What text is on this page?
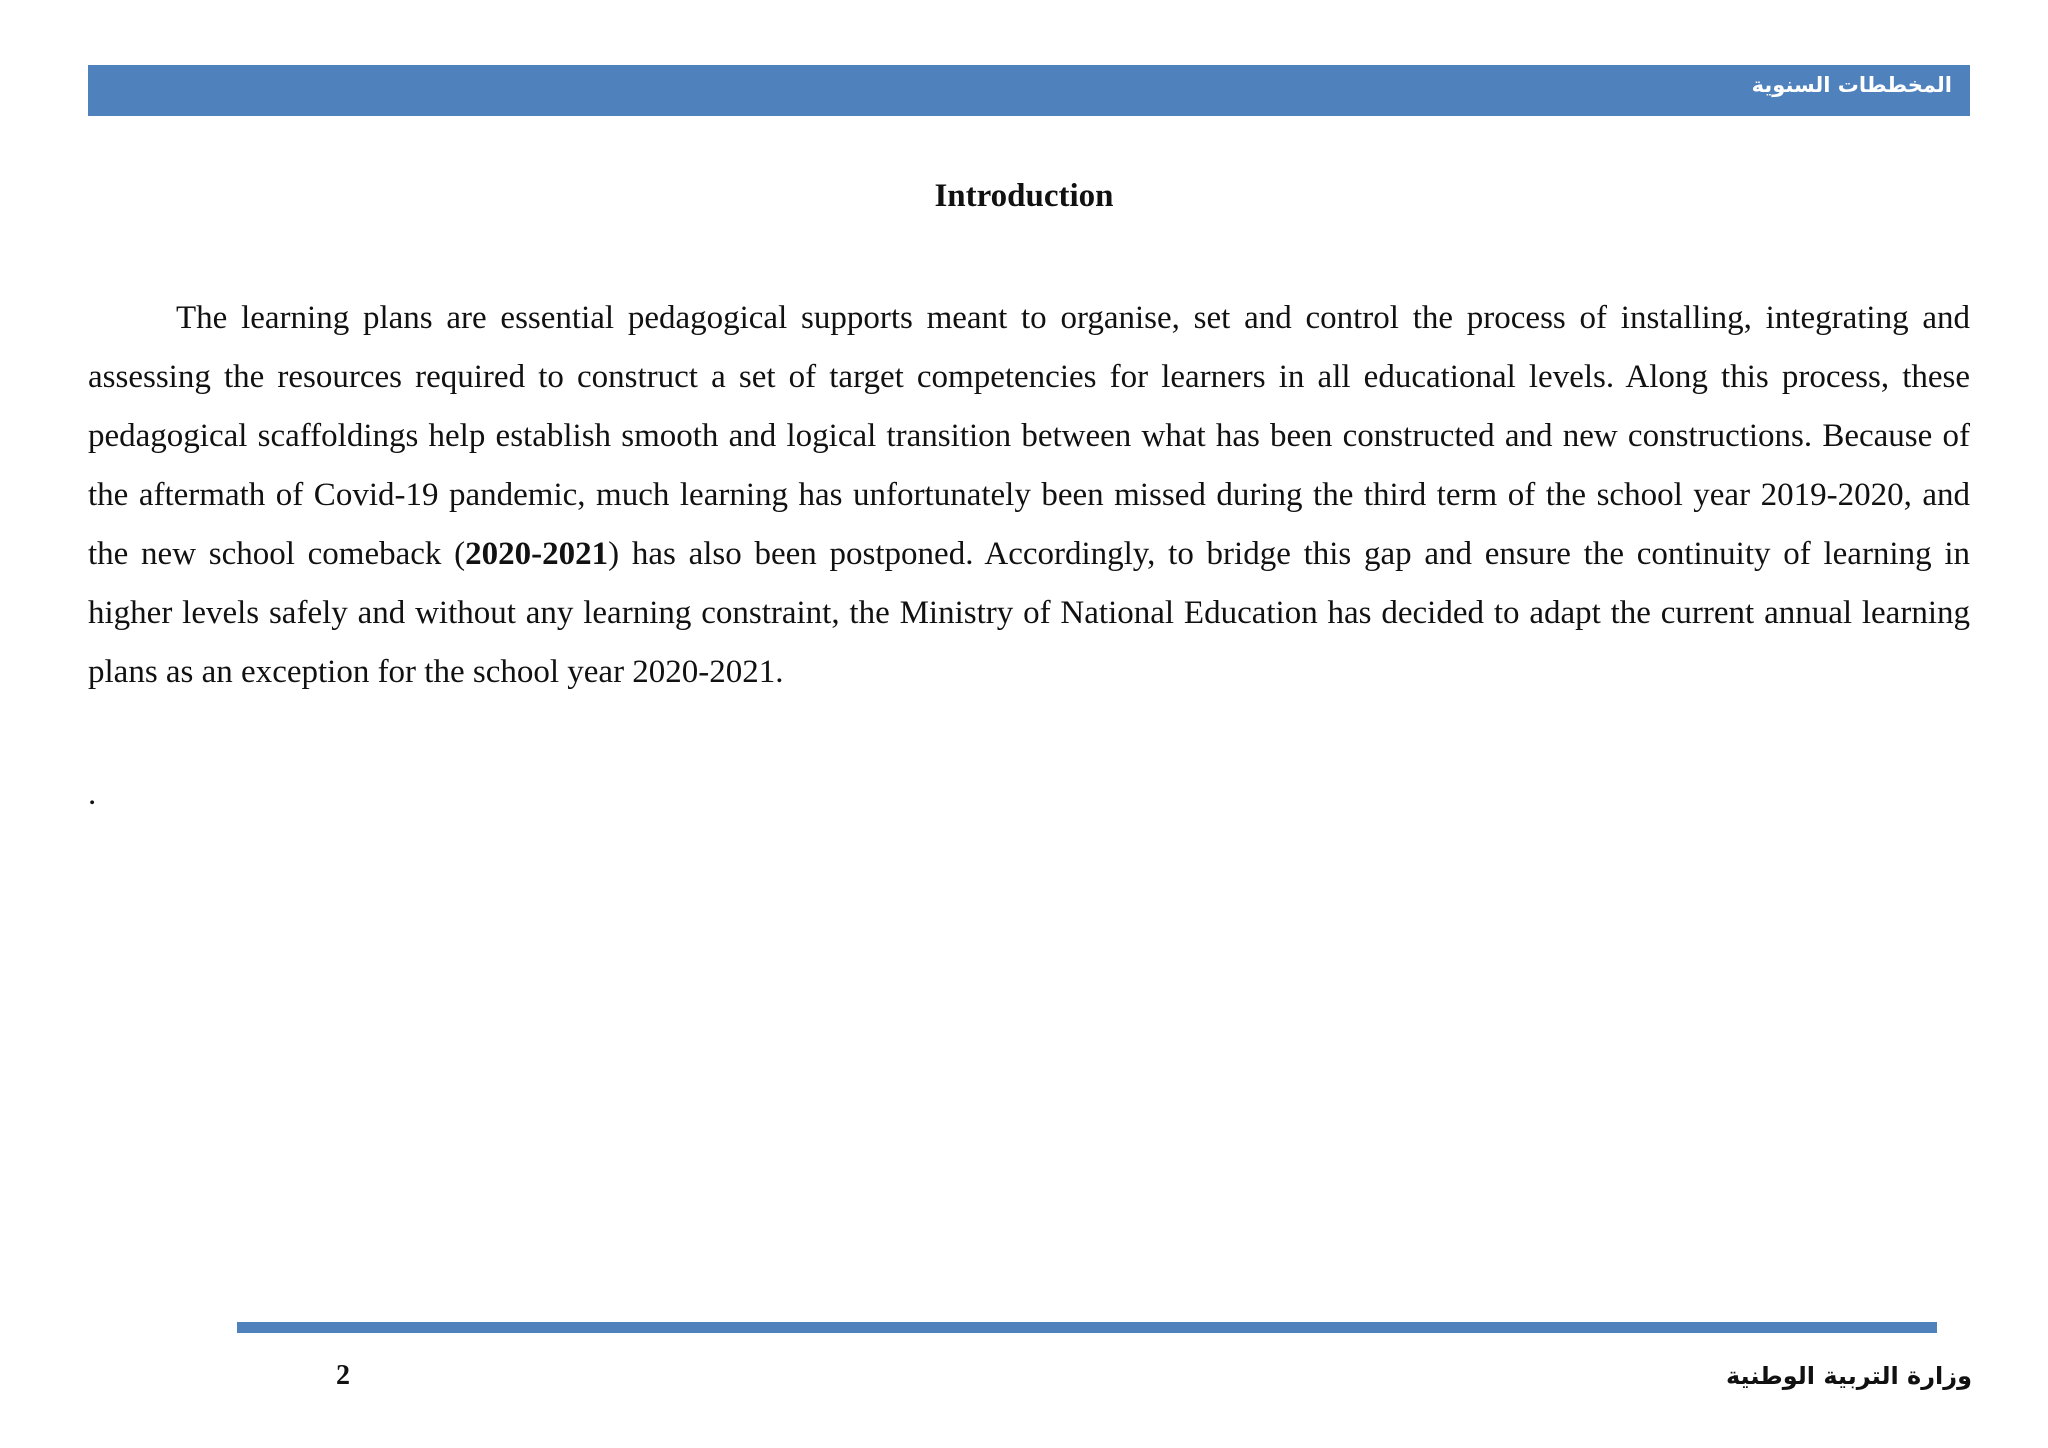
المخططات السنوية
Introduction

The learning plans are essential pedagogical supports meant to organise, set and control the process of installing, integrating and assessing the resources required to construct a set of target competencies for learners in all educational levels. Along this process, these pedagogical scaffoldings help establish smooth and logical transition between what has been constructed and new constructions. Because of the aftermath of Covid-19 pandemic, much learning has unfortunately been missed during the third term of the school year 2019-2020, and the new school comeback (2020-2021) has also been postponed. Accordingly, to bridge this gap and ensure the continuity of learning in higher levels safely and without any learning constraint, the Ministry of National Education has decided to adapt the current annual learning plans as an exception for the school year 2020-2021.

.
2	وزارة التربية الوطنية
